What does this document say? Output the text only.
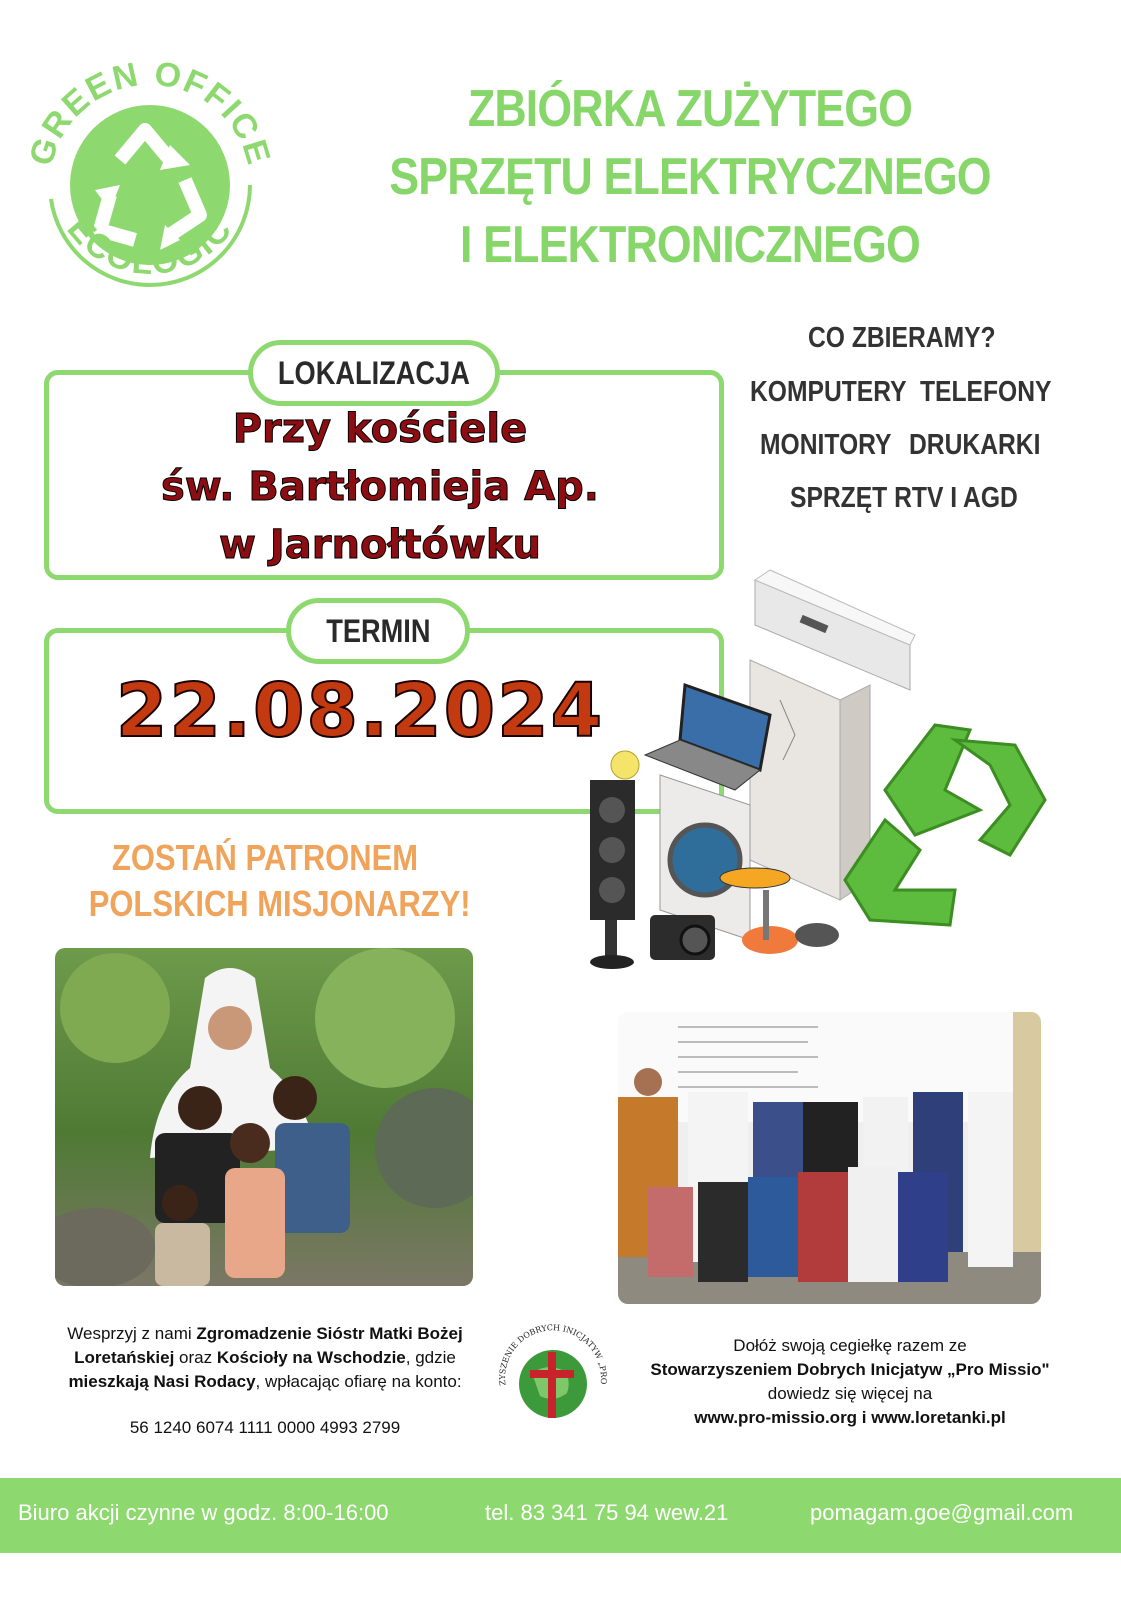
GREEN OFFICE
ECOLOGIC
ZBIÓRKA ZUŻYTEGO
SPRZĘTU ELEKTRYCZNEGO
I ELEKTRONICZNEGO
LOKALIZACJA
Przy kościele
św. Bartłomieja Ap.
w Jarnołtówku
TERMIN
22.08.2024
CO ZBIERAMY?
KOMPUTERY TELEFONY
MONITORY DRUKARKI
SPRZĘT RTV I AGD
ZOSTAŃ PATRONEM
POLSKICH MISJONARZY!
Wesprzyj z nami Zgromadzenie Sióstr Matki Bożej
Loretańskiej oraz Kościoły na Wschodzie, gdzie
mieszkają Nasi Rodacy, wpłacając ofiarę na konto:
56 1240 6074 1111 0000 4993 2799
ZYSZENIE DOBRYCH INICJATYW „PRO
Dołóż swoją cegiełkę razem ze
Stowarzyszeniem Dobrych Inicjatyw „Pro Missio"
dowiedz się więcej na
www.pro-missio.org i www.loretanki.pl
Biuro akcji czynne w godz. 8:00-16:00	tel. 83 341 75 94 wew.21	pomagam.goe@gmail.com
